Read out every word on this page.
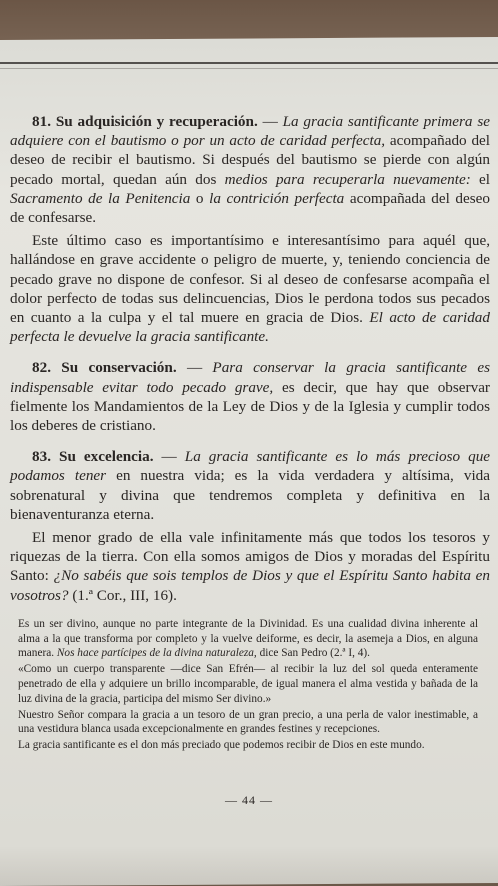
81. Su adquisición y recuperación. — La gracia santificante primera se adquiere con el bautismo o por un acto de caridad perfecta, acompañado del deseo de recibir el bautismo. Si después del bautismo se pierde con algún pecado mortal, quedan aún dos medios para recuperarla nuevamente: el Sacramento de la Penitencia o la contrición perfecta acompañada del deseo de confesarse.

Este último caso es importantísimo e interesantísimo para aquél que, hallándose en grave accidente o peligro de muerte, y, teniendo conciencia de pecado grave no dispone de confesor. Si al deseo de confesarse acompaña el dolor perfecto de todas sus delincuencias, Dios le perdona todos sus pecados en cuanto a la culpa y el tal muere en gracia de Dios. El acto de caridad perfecta le devuelve la gracia santificante.

82. Su conservación. — Para conservar la gracia santificante es indispensable evitar todo pecado grave, es decir, que hay que observar fielmente los Mandamientos de la Ley de Dios y de la Iglesia y cumplir todos los deberes de cristiano.

83. Su excelencia. — La gracia santificante es lo más precioso que podamos tener en nuestra vida; es la vida verdadera y altísima, vida sobrenatural y divina que tendremos completa y definitiva en la bienaventuranza eterna.

El menor grado de ella vale infinitamente más que todos los tesoros y riquezas de la tierra. Con ella somos amigos de Dios y moradas del Espíritu Santo: ¿No sabéis que sois templos de Dios y que el Espíritu Santo habita en vosotros? (1.ª Cor., III, 16).

Es un ser divino, aunque no parte integrante de la Divinidad. Es una cualidad divina inherente al alma a la que transforma por completo y la vuelve deiforme, es decir, la asemeja a Dios, en alguna manera. Nos hace partícipes de la divina naturaleza, dice San Pedro (2.ª I, 4).

«Como un cuerpo transparente —dice San Efrén— al recibir la luz del sol queda enteramente penetrado de ella y adquiere un brillo incomparable, de igual manera el alma vestida y bañada de la luz divina de la gracia, participa del mismo Ser divino.»

Nuestro Señor compara la gracia a un tesoro de un gran precio, a una perla de valor inestimable, a una vestidura blanca usada excepcionalmente en grandes festines y recepciones.

La gracia santificante es el don más preciado que podemos recibir de Dios en este mundo.

— 44 —
